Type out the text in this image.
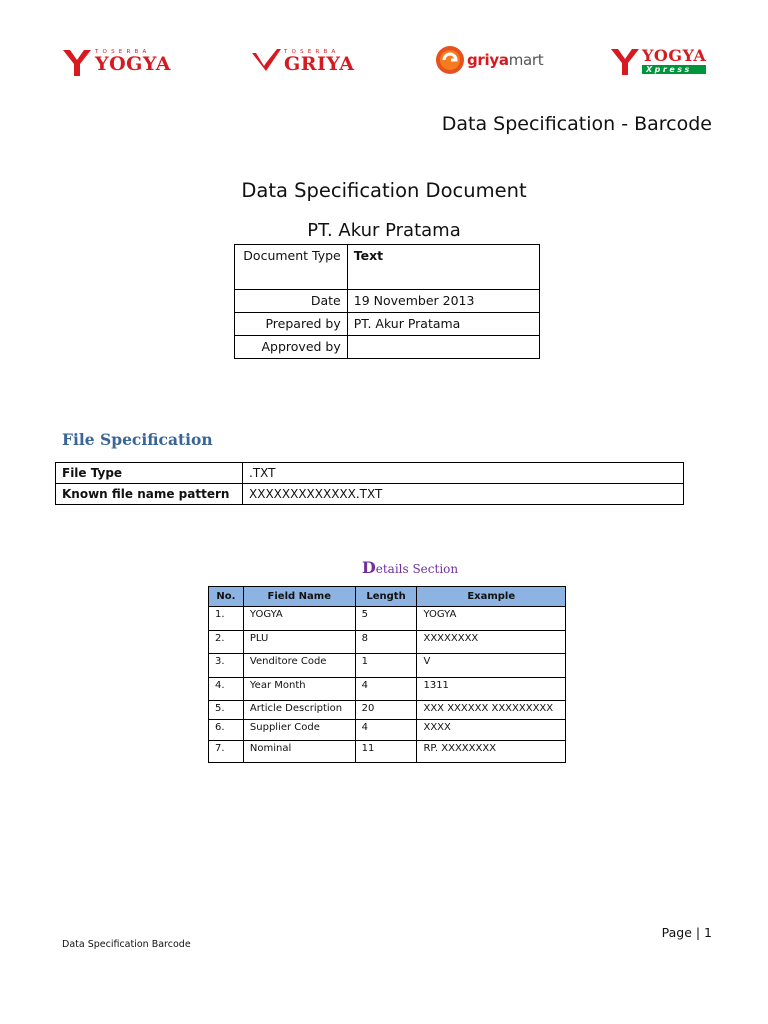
TOSERBA
YOGYA
TOSERBA
GRIYA	griyamart	YOGYA
Xpress
Data Specification - Barcode
Data Specification Document
PT. Akur Pratama
Document Type	Text
Date	19 November 2013
Prepared by	PT. Akur Pratama
Approved by	
File Specification
File Type	.TXT
Known file name pattern	XXXXXXXXXXXXX.TXT
Details Section
No.	Field Name	Length	Example
1.	YOGYA	5	YOGYA
2.	PLU	8	XXXXXXXX
3.	Venditore Code	1	V
4.	Year Month	4	1311
5.	Article Description	20	XXX XXXXXX XXXXXXXXX
6.	Supplier Code	4	XXXX
7.	Nominal	11	RP. XXXXXXXX
Page | 1
Data Specification Barcode
